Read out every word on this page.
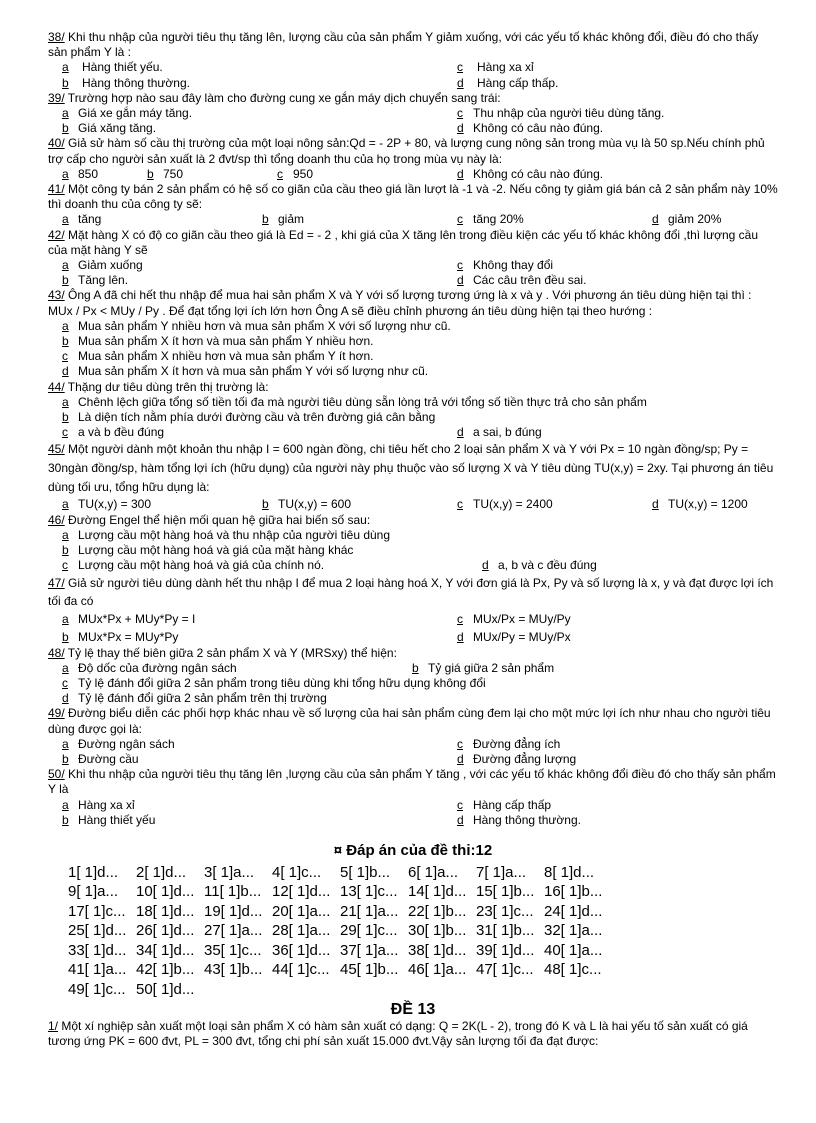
38/ Khi thu nhập của người tiêu thụ tăng lên, lượng cầu của sản phẩm Y giảm xuống, với các yếu tố khác không đổi, điều đó cho thấy sản phẩm Y là :
a	Hàng thiết yếu.	c	Hàng xa xỉ
b	Hàng thông thường.	d	Hàng cấp thấp.
39/ Trường hợp nào sau đây làm cho đường cung xe gắn máy dịch chuyển sang trái:
a Giá xe gắn máy tăng.	c Thu nhập của người tiêu dùng tăng.
b Giá xăng tăng.	d Không có câu nào đúng.
40/ Giả sử hàm số cầu thị trường của một loại nông sản:Qd = - 2P + 80, và lượng cung nông sản trong mùa vụ là 50 sp.Nếu chính phủ trợ cấp cho người sản xuất là 2 đvt/sp thì tổng doanh thu của họ trong mùa vụ này là:
a 850	b 750	c 950	d Không có câu nào đúng.
41/ Một công ty bán 2 sản phẩm có hệ số co giãn của cầu theo giá lần lượt là -1 và -2. Nếu công ty giảm giá bán cả 2 sản phẩm này 10% thì doanh thu của công ty sẽ:
a tăng	b giảm	c tăng 20%	d giảm 20%
42/ Mặt hàng X có độ co giãn cầu theo giá là Ed = - 2 , khi giá của X tăng lên trong điều kiện các yếu tố khác không đổi ,thì lượng cầu của mặt hàng Y sẽ
a Giảm xuống	c Không thay đổi
b Tăng lên.	d Các câu trên đều sai.
43/ Ông A đã chi hết thu nhập để mua hai sản phẩm X và Y với số lượng tương ứng là x và y . Với phương án tiêu dùng hiện tại thì : MUx / Px < MUy / Py . Để đạt tổng lợi ích lớn hơn Ông A sẽ điều chỉnh phương án tiêu dùng hiện tại theo hướng :
a Mua sản phẩm Y nhiều hơn và mua sản phẩm X với số lượng như cũ.
b Mua sản phẩm X ít hơn và mua sản phẩm Y nhiều hơn.
c Mua sản phẩm X nhiều hơn và mua sản phẩm Y ít hơn.
d Mua sản phẩm X ít hơn và mua sản phẩm Y với số lượng như cũ.
44/ Thặng dư tiêu dùng trên thị trường là:
a Chênh lệch giữa tổng số tiền tối đa mà người tiêu dùng sẵn lòng trả với tổng số tiền thực trả cho sản phẩm
b Là diện tích nằm phía dưới đường cầu và trên đường giá cân bằng
c a và b đều đúng	d a sai, b đúng
45/ Một người dành một khoản thu nhập I = 600 ngàn đồng, chi tiêu hết cho 2 loại sản phẩm X và Y với Px = 10 ngàn đồng/sp; Py = 30ngàn đồng/sp, hàm tổng lợi ích (hữu dụng) của người này phụ thuộc vào số lượng X và Y tiêu dùng TU(x,y) = 2xy. Tại phương án tiêu dùng tối ưu, tổng hữu dụng là:
a TU(x,y) = 300	b TU(x,y) = 600	c TU(x,y) = 2400	d TU(x,y) = 1200
46/ Đường Engel thể hiện mối quan hệ giữa hai biến số sau:
a Lượng cầu một hàng hoá và thu nhập của người tiêu dùng
b Lượng cầu một hàng hoá và giá của mặt hàng khác
c Lượng cầu một hàng hoá và giá của chính nó.	d a, b và c đều đúng
47/ Giả sử người tiêu dùng dành hết thu nhập I để mua 2 loại hàng hoá X, Y với đơn giá là Px, Py và số lượng là x, y và đạt được lợi ích tối đa có
a MUx*Px + MUy*Py = I	c MUx/Px = MUy/Py
b MUx*Px = MUy*Py	d MUx/Py = MUy/Px
48/ Tỷ lệ thay thế biên giữa 2 sản phẩm X và Y (MRSxy) thể hiện:
a Độ dốc của đường ngân sách	b Tỷ giá giữa 2 sản phẩm
c Tỷ lệ đánh đổi giữa 2 sản phẩm trong tiêu dùng khi tổng hữu dụng không đổi
d Tỷ lệ đánh đổi giữa 2 sản phẩm trên thị trường
49/ Đường biểu diễn các phối hợp khác nhau về số lượng của hai sản phẩm cùng đem lại cho một mức lợi ích như nhau cho người tiêu dùng được gọi là:
a Đường ngân sách	c Đường đẳng ích
b Đường cầu	d Đường đẳng lượng
50/ Khi thu nhập của người tiêu thụ tăng lên ,lượng cầu của sản phẩm Y tăng , với các yếu tố khác không đổi điều đó cho thấy sản phẩm Y là
a Hàng xa xỉ	c Hàng cấp thấp
b Hàng thiết yếu	d Hàng thông thường.
¤ Đáp án của đề thi:12
1[ 1]d...	2[ 1]d...	3[ 1]a...	4[ 1]c...	5[ 1]b...	6[ 1]a...	7[ 1]a...	8[ 1]d...
9[ 1]a...	10[ 1]d... 11[ 1]b... 12[ 1]d... 13[ 1]c... 14[ 1]d... 15[ 1]b... 16[ 1]b...
17[ 1]c... 18[ 1]d... 19[ 1]d... 20[ 1]a... 21[ 1]a... 22[ 1]b... 23[ 1]c... 24[ 1]d...
25[ 1]d... 26[ 1]d... 27[ 1]a... 28[ 1]a... 29[ 1]c... 30[ 1]b... 31[ 1]b... 32[ 1]a...
33[ 1]d... 34[ 1]d... 35[ 1]c... 36[ 1]d... 37[ 1]a... 38[ 1]d... 39[ 1]d... 40[ 1]a...
41[ 1]a... 42[ 1]b... 43[ 1]b... 44[ 1]c... 45[ 1]b... 46[ 1]a... 47[ 1]c... 48[ 1]c...
49[ 1]c... 50[ 1]d...
ĐỀ 13
1/ Một xí nghiệp sản xuất một loại sản phẩm X có hàm sản xuất có dạng: Q = 2K(L - 2), trong đó K và L là hai yếu tố sản xuất có giá tương ứng PK = 600 đvt, PL = 300 đvt, tổng chi phí sản xuất 15.000 đvt.Vậy sản lượng tối đa đạt được:
